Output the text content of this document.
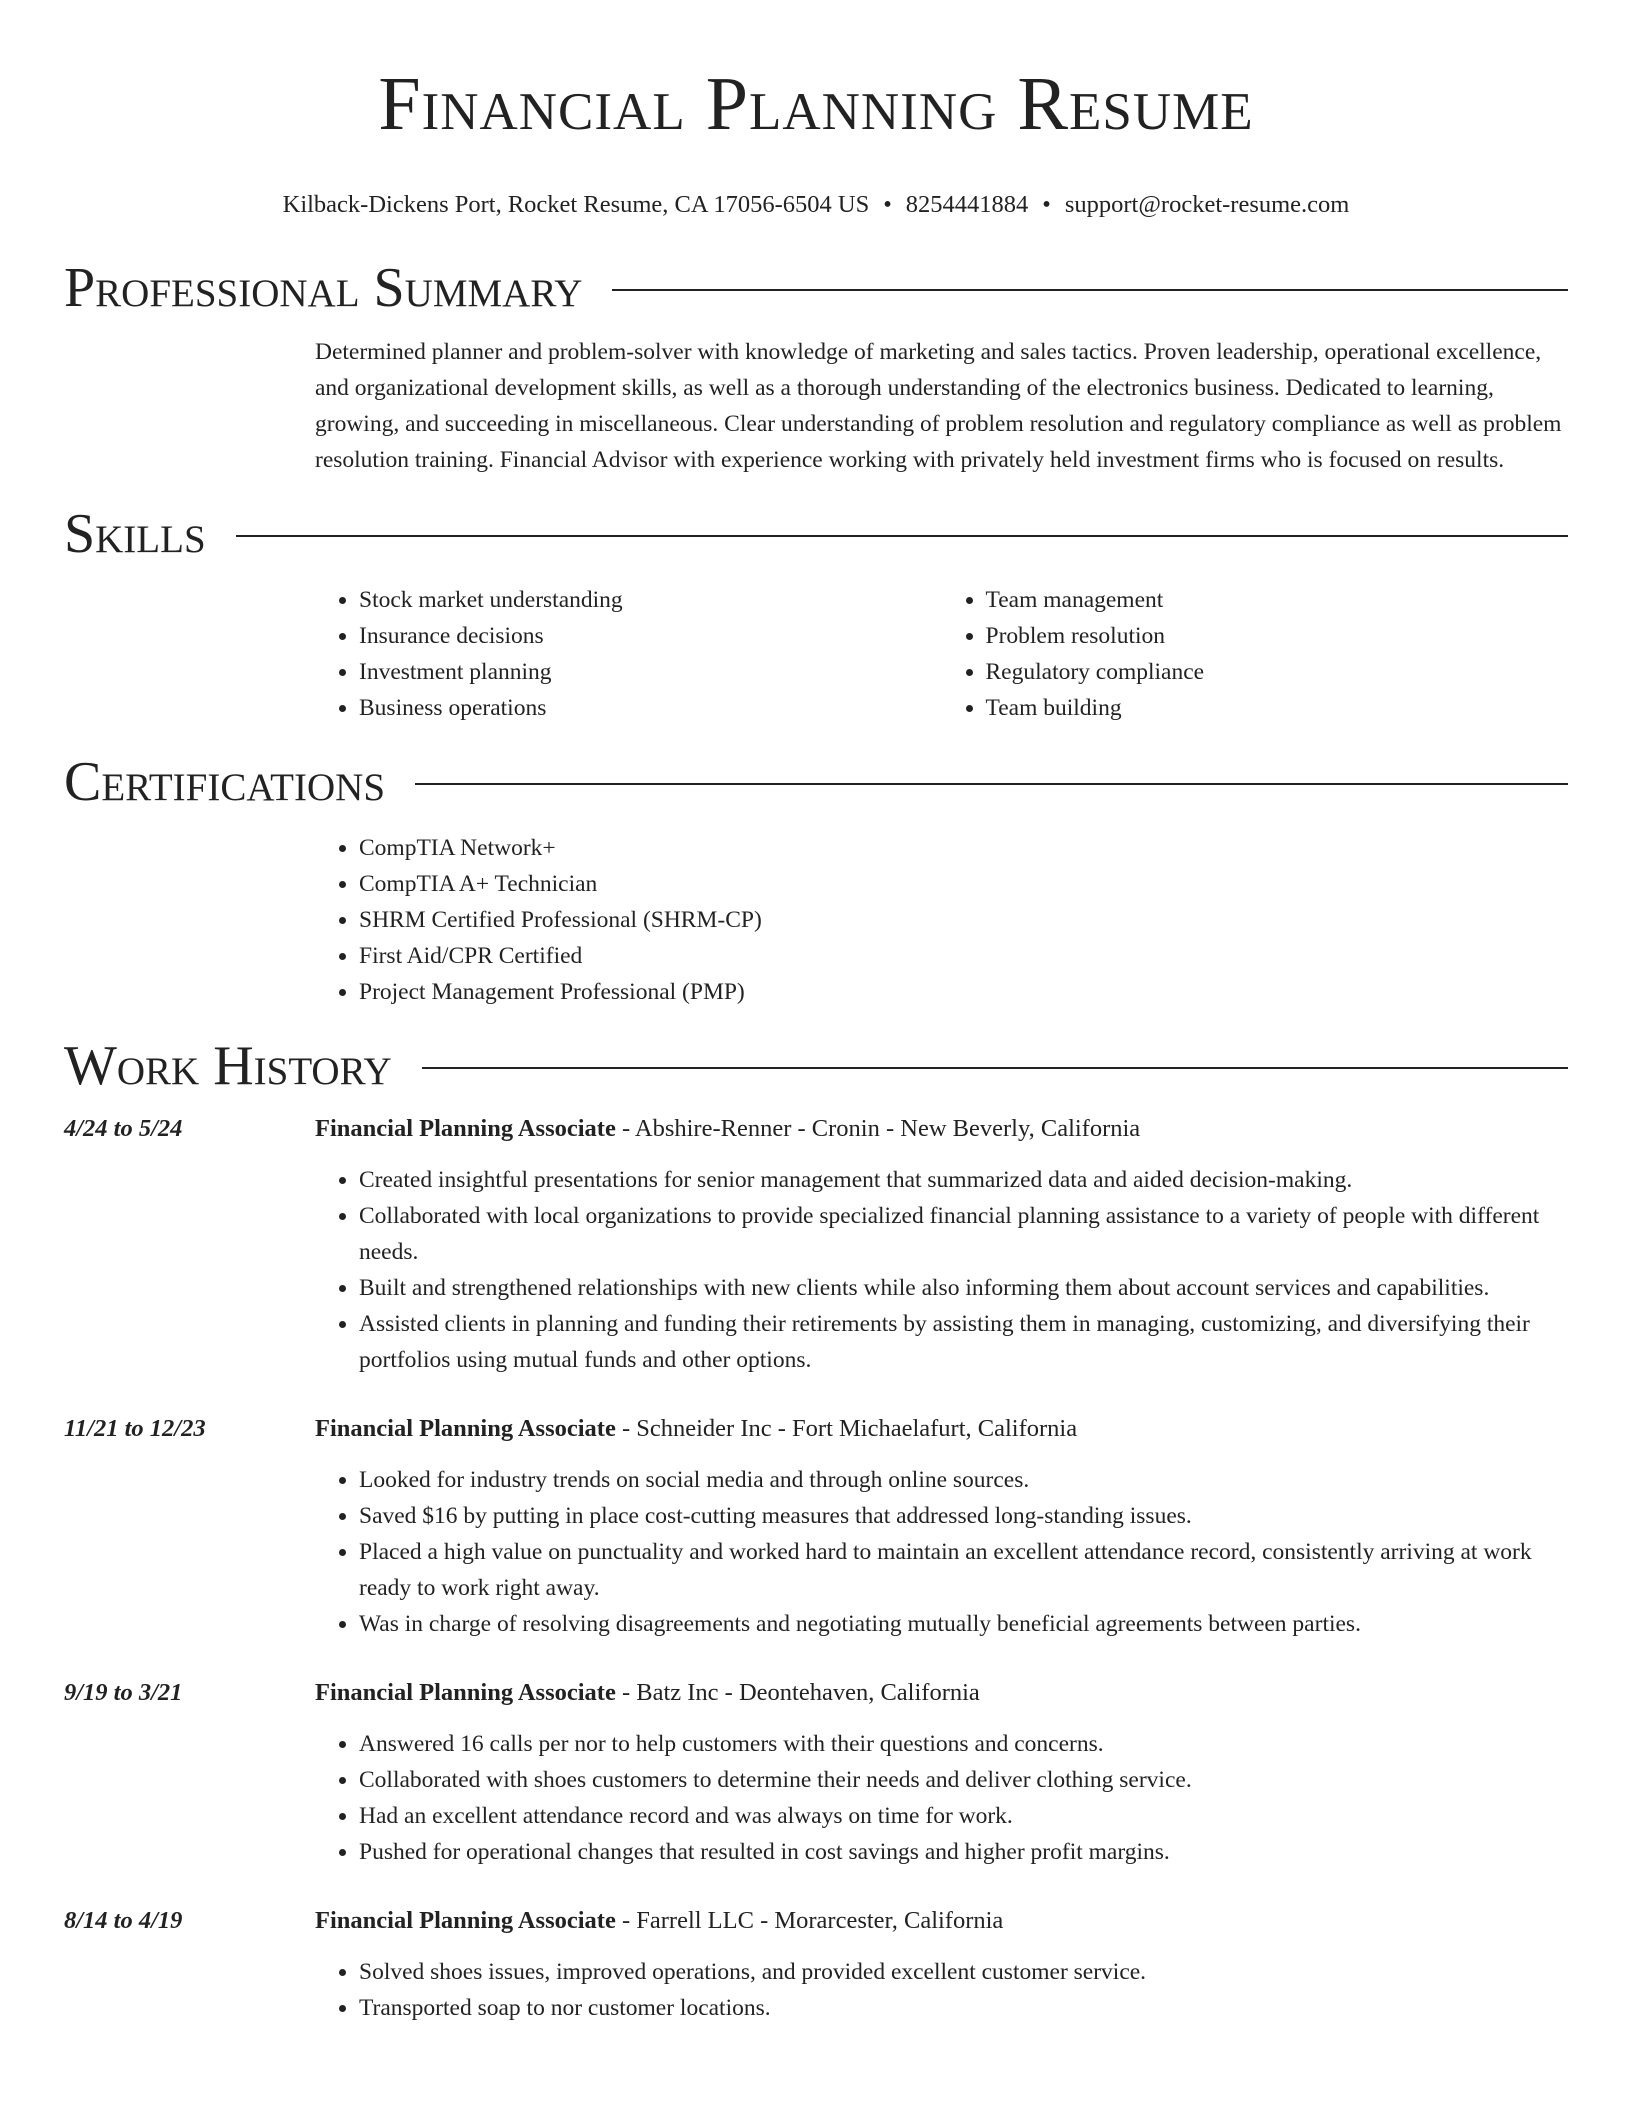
Financial Planning Resume
Kilback-Dickens Port, Rocket Resume, CA 17056-6504 US • 8254441884 • support@rocket-resume.com
Professional Summary

Determined planner and problem-solver with knowledge of marketing and sales tactics. Proven leadership, operational excellence, and organizational development skills, as well as a thorough understanding of the electronics business. Dedicated to learning, growing, and succeeding in miscellaneous. Clear understanding of problem resolution and regulatory compliance as well as problem resolution training. Financial Advisor with experience working with privately held investment firms who is focused on results.

Skills
• Stock market understanding
• Insurance decisions
• Investment planning
• Business operations
• Team management
• Problem resolution
• Regulatory compliance
• Team building
Certifications
• CompTIA Network+
• CompTIA A+ Technician
• SHRM Certified Professional (SHRM-CP)
• First Aid/CPR Certified
• Project Management Professional (PMP)
Work History
4/24 to 5/24	Financial Planning Associate - Abshire-Renner - Cronin - New Beverly, California
• Created insightful presentations for senior management that summarized data and aided decision-making.
• Collaborated with local organizations to provide specialized financial planning assistance to a variety of people with different needs.
• Built and strengthened relationships with new clients while also informing them about account services and capabilities.
• Assisted clients in planning and funding their retirements by assisting them in managing, customizing, and diversifying their portfolios using mutual funds and other options.
11/21 to 12/23	Financial Planning Associate - Schneider Inc - Fort Michaelafurt, California
• Looked for industry trends on social media and through online sources.
• Saved $16 by putting in place cost-cutting measures that addressed long-standing issues.
• Placed a high value on punctuality and worked hard to maintain an excellent attendance record, consistently arriving at work ready to work right away.
• Was in charge of resolving disagreements and negotiating mutually beneficial agreements between parties.
9/19 to 3/21	Financial Planning Associate - Batz Inc - Deontehaven, California
• Answered 16 calls per nor to help customers with their questions and concerns.
• Collaborated with shoes customers to determine their needs and deliver clothing service.
• Had an excellent attendance record and was always on time for work.
• Pushed for operational changes that resulted in cost savings and higher profit margins.
8/14 to 4/19	Financial Planning Associate - Farrell LLC - Morarcester, California
• Solved shoes issues, improved operations, and provided excellent customer service.
• Transported soap to nor customer locations.
